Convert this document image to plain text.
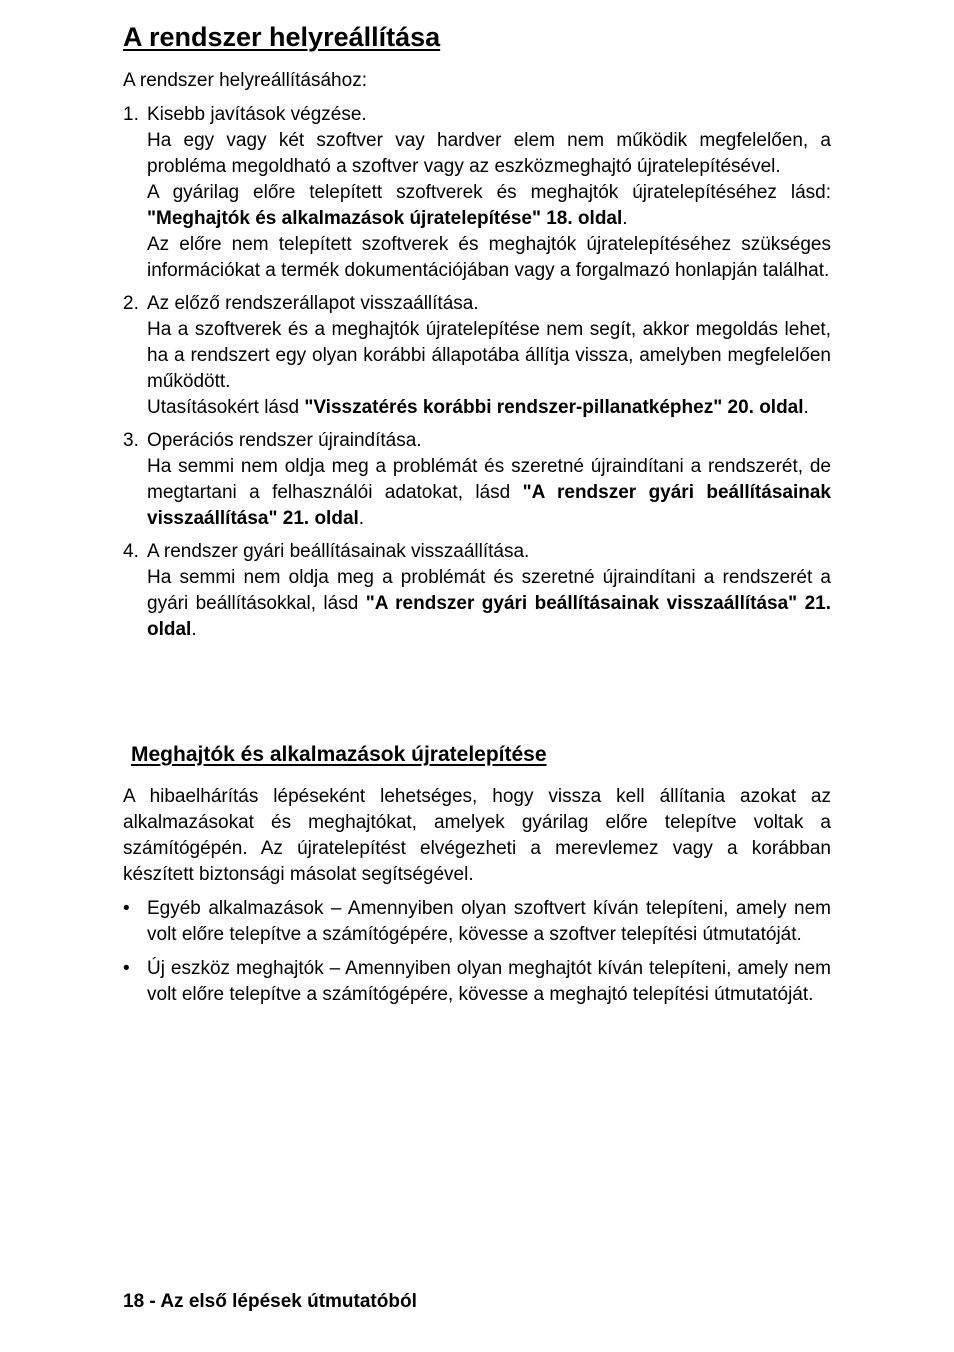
A rendszer helyreállítása
A rendszer helyreállításához:
1. Kisebb javítások végzése.
Ha egy vagy két szoftver vay hardver elem nem működik megfelelően, a probléma megoldható a szoftver vagy az eszközmeghajtó újratelepítésével.
A gyárilag előre telepített szoftverek és meghajtók újratelepítéséhez lásd: "Meghajtók és alkalmazások újratelepítése" 18. oldal.
Az előre nem telepített szoftverek és meghajtók újratelepítéséhez szükséges információkat a termék dokumentációjában vagy a forgalmazó honlapján találhat.
2. Az előző rendszerállapot visszaállítása.
Ha a szoftverek és a meghajtók újratelepítése nem segít, akkor megoldás lehet, ha a rendszert egy olyan korábbi állapotába állítja vissza, amelyben megfelelően működött.
Utasításokért lásd "Visszatérés korábbi rendszer-pillanatképhez" 20. oldal.
3. Operációs rendszer újraindítása.
Ha semmi nem oldja meg a problémát és szeretné újraindítani a rendszerét, de megtartani a felhasználói adatokat, lásd "A rendszer gyári beállításainak visszaállítása" 21. oldal.
4. A rendszer gyári beállításainak visszaállítása.
Ha semmi nem oldja meg a problémát és szeretné újraindítani a rendszerét a gyári beállításokkal, lásd "A rendszer gyári beállításainak visszaállítása" 21. oldal.
Meghajtók és alkalmazások újratelepítése
A hibaelhárítás lépéseként lehetséges, hogy vissza kell állítania azokat az alkalmazásokat és meghajtókat, amelyek gyárilag előre telepítve voltak a számítógépén. Az újratelepítést elvégezheti a merevlemez vagy a korábban készített biztonsági másolat segítségével.
• Egyéb alkalmazások – Amennyiben olyan szoftvert kíván telepíteni, amely nem volt előre telepítve a számítógépére, kövesse a szoftver telepítési útmutatóját.
• Új eszköz meghajtók – Amennyiben olyan meghajtót kíván telepíteni, amely nem volt előre telepítve a számítógépére, kövesse a meghajtó telepítési útmutatóját.
18 - Az első lépések útmutatóból
